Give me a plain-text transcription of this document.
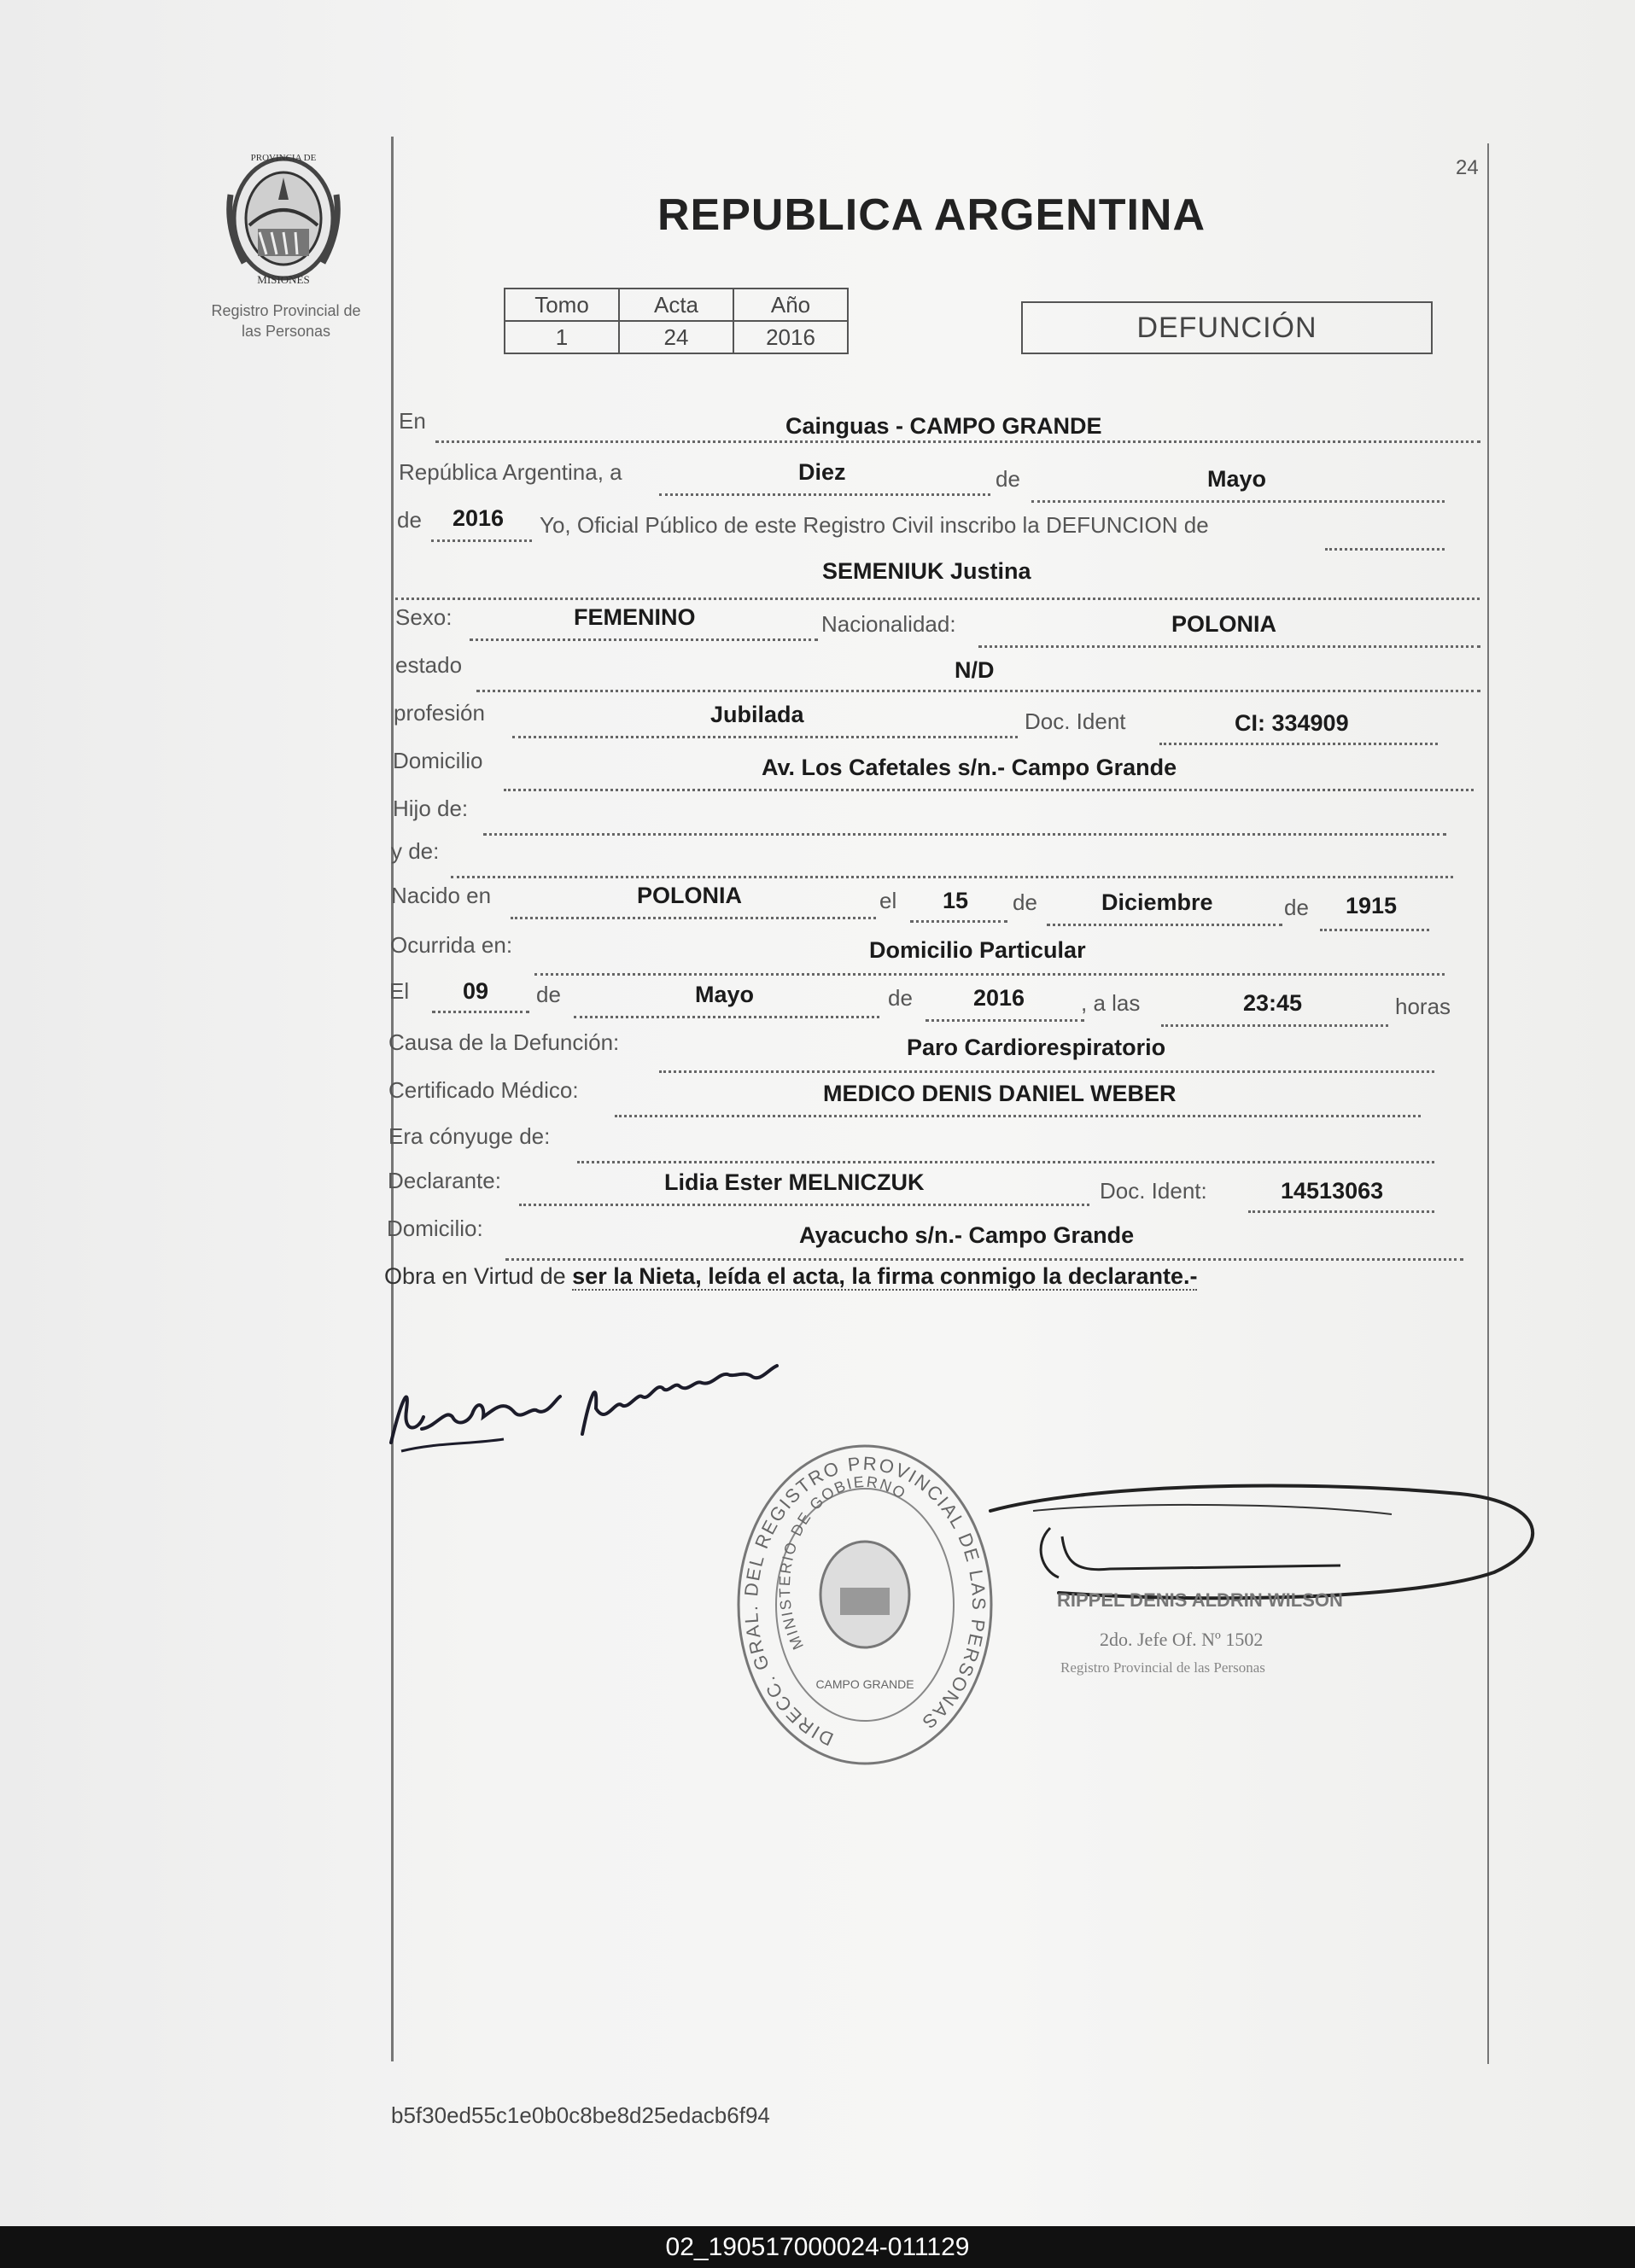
PROVINCIA DE
MISIONES
Registro Provincial de
las Personas
24
REPUBLICA ARGENTINA
Tomo	Acta	Año
1	24	2016	DEFUNCIÓN
En	Cainguas - CAMPO GRANDE
República Argentina, a	Diez	de	Mayo
de 2016 Yo, Oficial Público de este Registro Civil inscribo la DEFUNCION de
SEMENIUK Justina
Sexo:	FEMENINO	Nacionalidad:	POLONIA
estado	N/D
profesión	Jubilada	Doc. Ident	CI: 334909
Domicilio	Av. Los Cafetales s/n.- Campo Grande
Hijo de:
y de:
Nacido en	POLONIA	el 15 de	Diciembre	de 1915
Ocurrida en:	Domicilio Particular
El 09 de	Mayo	de	2016	, a las	23:45	horas
Causa de la Defunción:	Paro Cardiorespiratorio
Certificado Médico:	MEDICO DENIS DANIEL WEBER
Era cónyuge de:
Declarante:	Lidia Ester MELNICZUK	Doc. Ident:	14513063
Domicilio:	Ayacucho s/n.- Campo Grande
Obra en Virtud de ser la Nieta, leída el acta, la firma conmigo la declarante.-
DIRECC. GRAL. DEL REGISTRO PROVINCIAL DE LAS PERSONAS
MINISTERIO DE GOBIERNO
CAMPO GRANDE
RIPPEL DENIS ALDRIN WILSON
2do. Jefe Of. Nº 1502
Registro Provincial de las Personas
b5f30ed55c1e0b0c8be8d25edacb6f94
02_190517000024-011129
